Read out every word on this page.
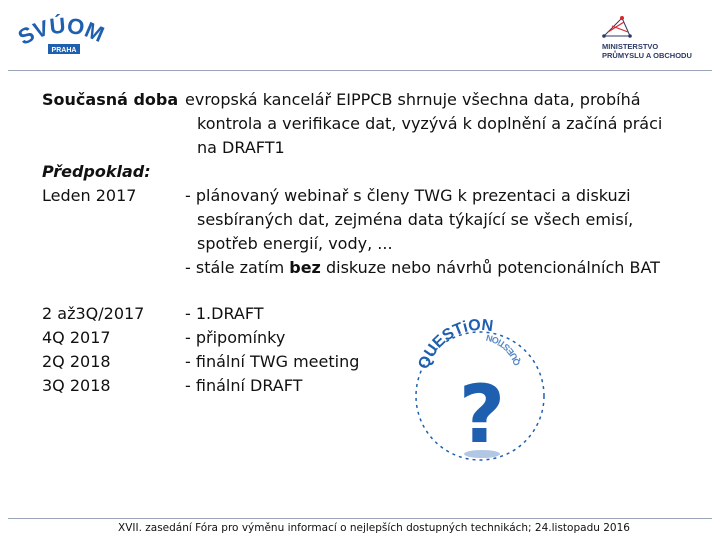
SVÚOM
PRAHA	MINISTERSTVO
PRŮMYSLU A OBCHODU
Současná doba evropská kancelář EIPPCB shrnuje všechna data, probíhá
kontrola a verifikace dat, vyzývá k doplnění a začíná práci
na DRAFT1
Předpoklad:
Leden 2017	- plánovaný webinař s členy TWG k prezentaci a diskuzi
sesbíraných dat, zejména data týkající se všech emisí,
spotřeb energií, vody, ...
- stále zatím bez diskuze nebo návrhů potencionálních BAT
2 až3Q/2017	- 1.DRAFT
4Q 2017	- připomínky
2Q 2018	- finální TWG meeting
3Q 2018	- finální DRAFT
QUESTiON
QUESTiON
?
XVII. zasedání Fóra pro výměnu informací o nejlepších dostupných technikách; 24.listopadu 2016
